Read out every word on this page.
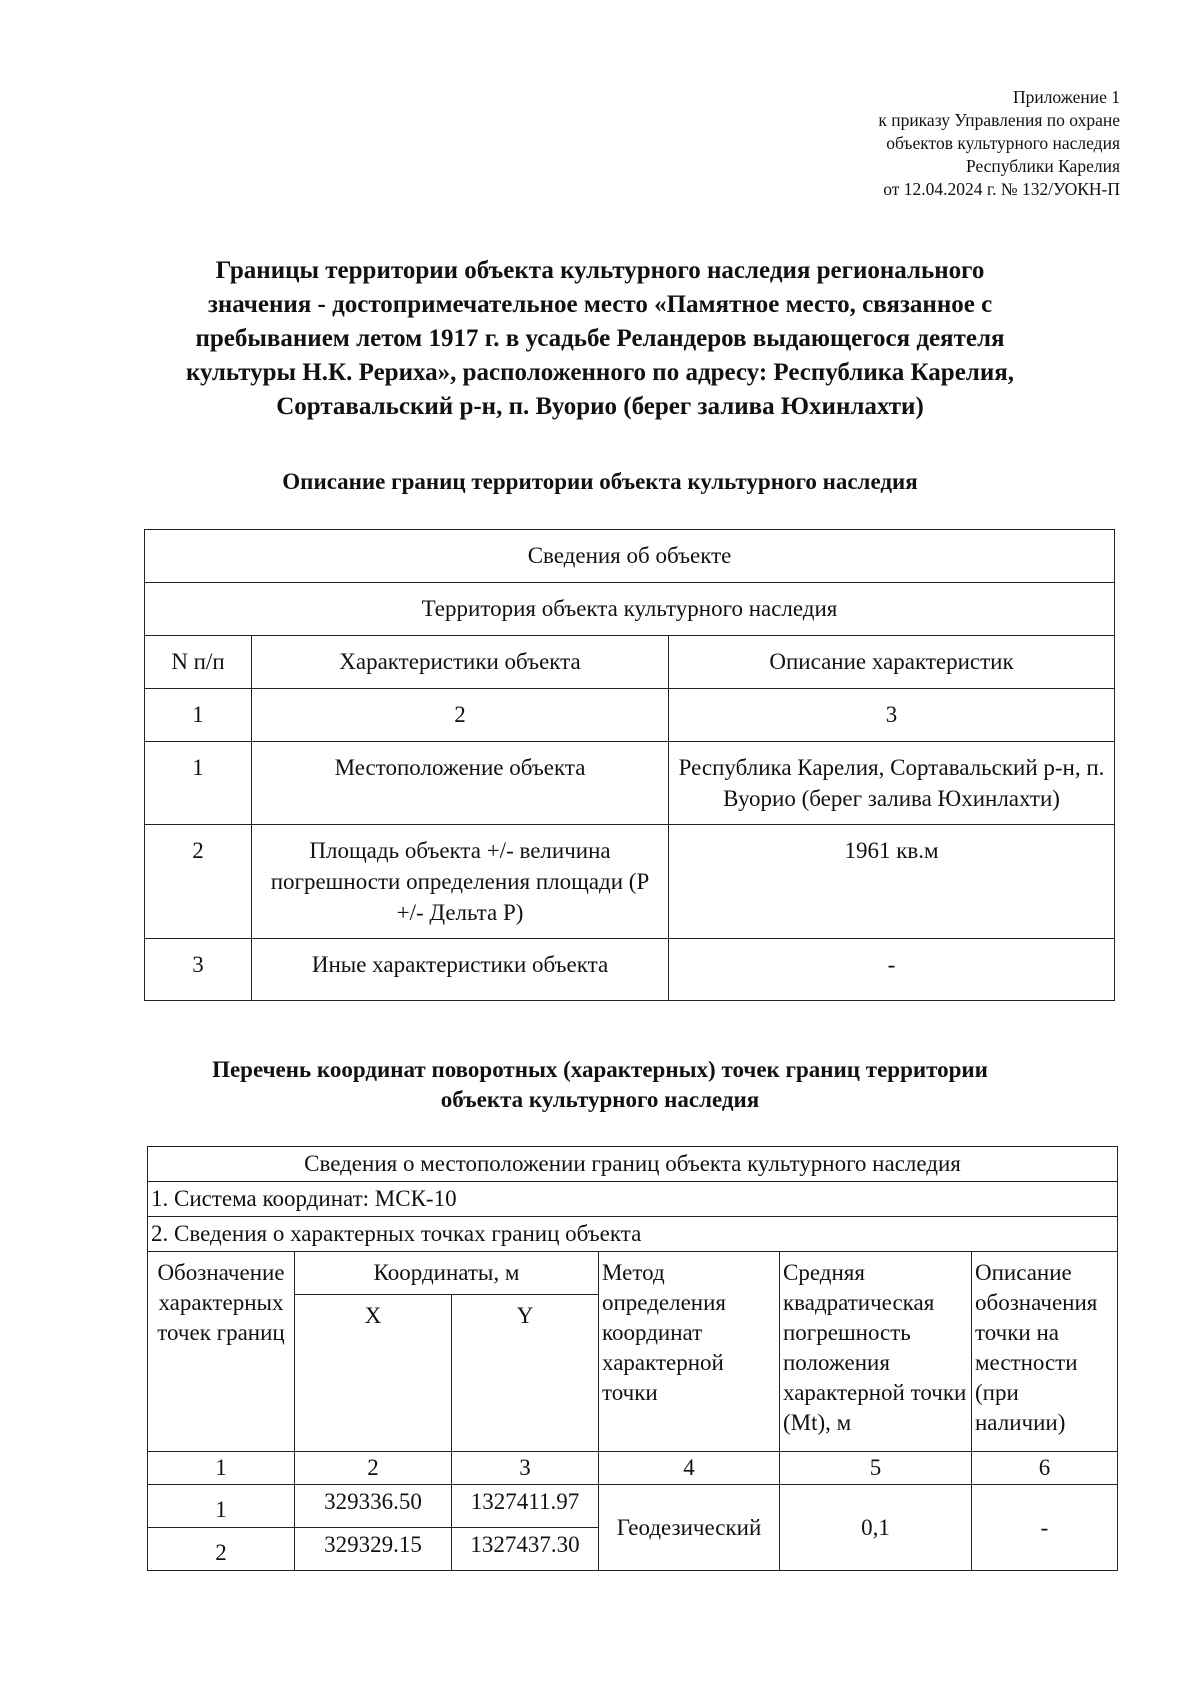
Приложение 1
к приказу Управления по охране
объектов культурного наследия
Республики Карелия
от 12.04.2024 г. № 132/УОКН-П
Границы территории объекта культурного наследия регионального
значения - достопримечательное место «Памятное место, связанное с
пребыванием летом 1917 г. в усадьбе Реландеров выдающегося деятеля
культуры Н.К. Рериха», расположенного по адресу: Республика Карелия,
Сортавальский р-н, п. Вуорио (берег залива Юхинлахти)
Описание границ территории объекта культурного наследия
Сведения об объекте		
Территория объекта культурного наследия		
N п/п	Характеристики объекта	Описание характеристик
1	2	3
1	Местоположение объекта	Республика Карелия, Сортавальский р-н, п. Вуорио (берег залива Юхинлахти)
2	Площадь объекта +/- величина погрешности определения площади (P +/- Дельта P)	1961 кв.м
3	Иные характеристики объекта	-
Перечень координат поворотных (характерных) точек границ территории
объекта культурного наследия
Сведения о местоположении границ объекта культурного наследия					
1. Система координат: МСК-10					
2. Сведения о характерных точках границ объекта					
Обозначение характерных точек границ	Координаты, м		Метод определения координат характерной точки	Средняя квадратическая погрешность положения характерной точки (Mt), м	Описание обозначения точки на местности (при наличии)
	X	Y			
1	2	3	4	5	6
1	329336.50	1327411.97	Геодезический	0,1	-
2	329329.15	1327437.30			
